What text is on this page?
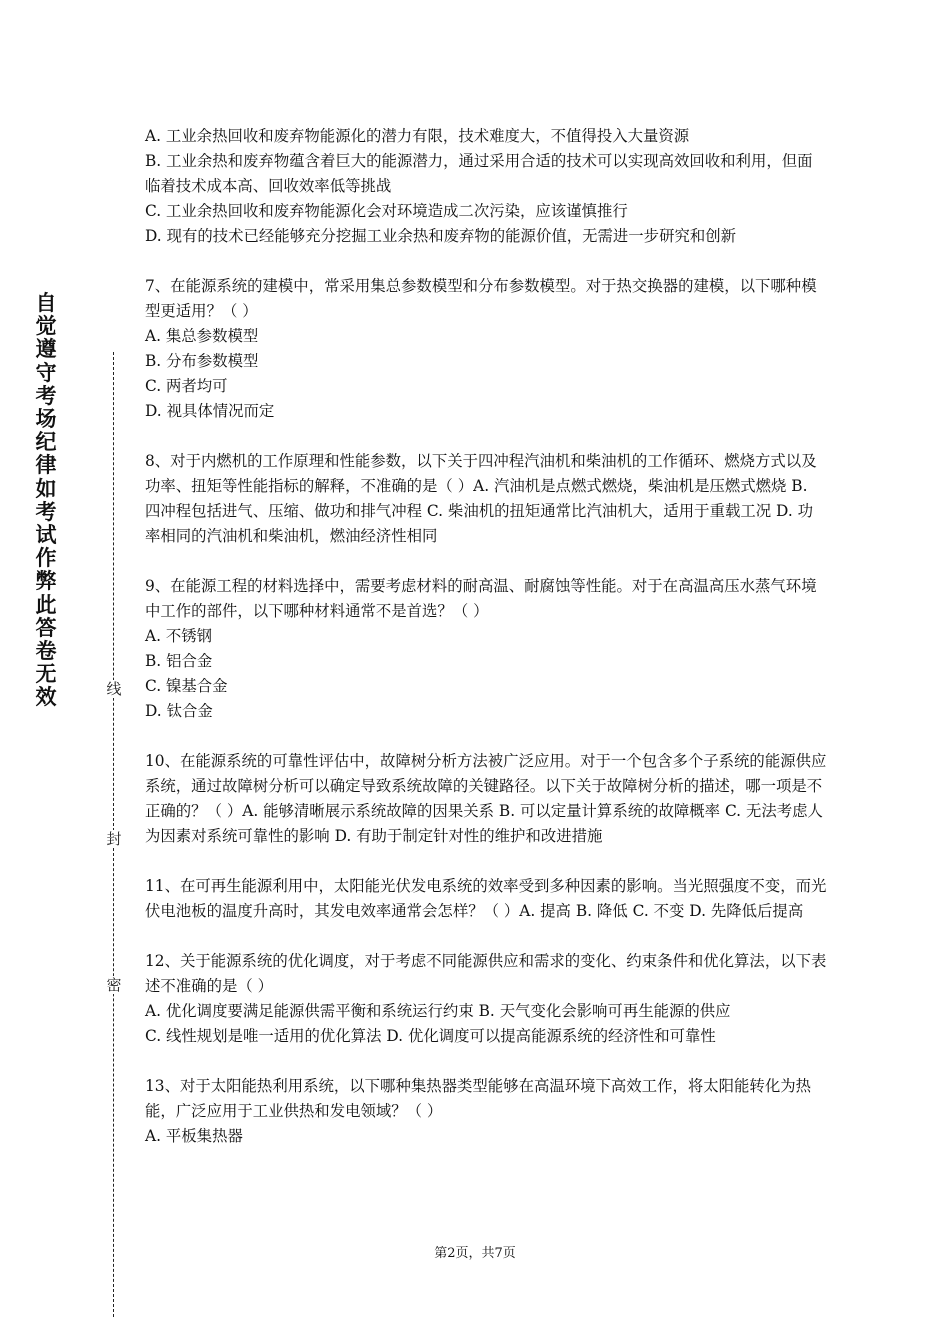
自觉遵守考场纪律如考试作弊此答卷无效	线
封
密

A. 工业余热回收和废弃物能源化的潜力有限，技术难度大，不值得投入大量资源

B. 工业余热和废弃物蕴含着巨大的能源潜力，通过采用合适的技术可以实现高效回收和利用，但面临着技术成本高、回收效率低等挑战

C. 工业余热回收和废弃物能源化会对环境造成二次污染，应该谨慎推行

D. 现有的技术已经能够充分挖掘工业余热和废弃物的能源价值，无需进一步研究和创新

7、在能源系统的建模中，常采用集总参数模型和分布参数模型。对于热交换器的建模，以下哪种模型更适用？（ ）

A. 集总参数模型

B. 分布参数模型

C. 两者均可

D. 视具体情况而定

8、对于内燃机的工作原理和性能参数，以下关于四冲程汽油机和柴油机的工作循环、燃烧方式以及功率、扭矩等性能指标的解释，不准确的是（ ）A. 汽油机是点燃式燃烧，柴油机是压燃式燃烧 B. 四冲程包括进气、压缩、做功和排气冲程 C. 柴油机的扭矩通常比汽油机大，适用于重载工况 D. 功率相同的汽油机和柴油机，燃油经济性相同

9、在能源工程的材料选择中，需要考虑材料的耐高温、耐腐蚀等性能。对于在高温高压水蒸气环境中工作的部件，以下哪种材料通常不是首选？（ ）

A. 不锈钢

B. 铝合金

C. 镍基合金

D. 钛合金

10、在能源系统的可靠性评估中，故障树分析方法被广泛应用。对于一个包含多个子系统的能源供应系统，通过故障树分析可以确定导致系统故障的关键路径。以下关于故障树分析的描述，哪一项是不正确的？（ ）A. 能够清晰展示系统故障的因果关系 B. 可以定量计算系统的故障概率 C. 无法考虑人为因素对系统可靠性的影响 D. 有助于制定针对性的维护和改进措施

11、在可再生能源利用中，太阳能光伏发电系统的效率受到多种因素的影响。当光照强度不变，而光伏电池板的温度升高时，其发电效率通常会怎样？（ ）A. 提高 B. 降低 C. 不变 D. 先降低后提高

12、关于能源系统的优化调度，对于考虑不同能源供应和需求的变化、约束条件和优化算法，以下表述不准确的是（ ）

A. 优化调度要满足能源供需平衡和系统运行约束 B. 天气变化会影响可再生能源的供应

C. 线性规划是唯一适用的优化算法 D. 优化调度可以提高能源系统的经济性和可靠性

13、对于太阳能热利用系统，以下哪种集热器类型能够在高温环境下高效工作，将太阳能转化为热能，广泛应用于工业供热和发电领域？（ ）

A. 平板集热器

第2页，共7页
